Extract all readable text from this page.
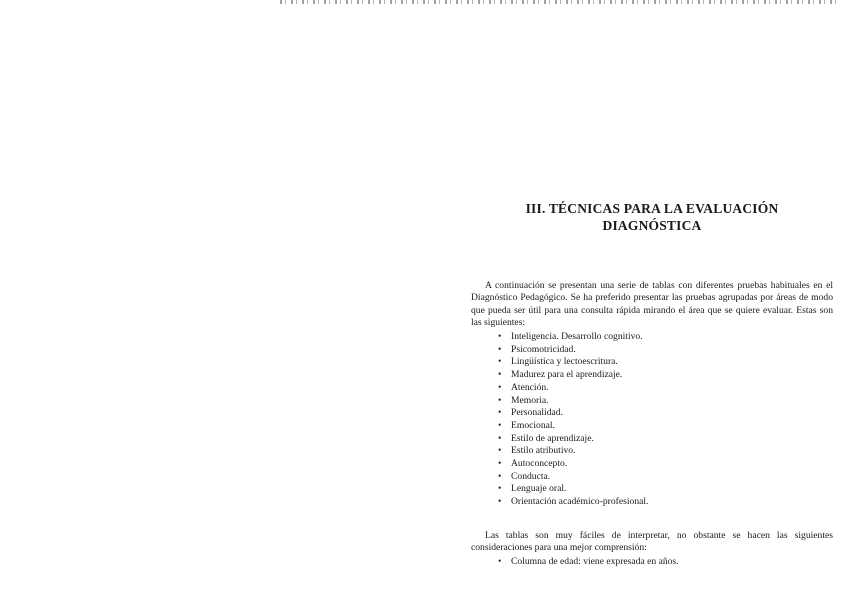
III. TÉCNICAS PARA LA EVALUACIÓN
DIAGNÓSTICA

A continuación se presentan una serie de tablas con diferentes pruebas habituales en el Diagnóstico Pedagógico. Se ha preferido presentar las pruebas agrupadas por áreas de modo que pueda ser útil para una consulta rápida mirando el área que se quiere evaluar. Estas son las siguientes:

• Inteligencia. Desarrollo cognitivo.
• Psicomotricidad.
• Lingüística y lectoescritura.
• Madurez para el aprendizaje.
• Atención.
• Memoria.
• Personalidad.
• Emocional.
• Estilo de aprendizaje.
• Estilo atributivo.
• Autoconcepto.
• Conducta.
• Lenguaje oral.
• Orientación académico-profesional.

Las tablas son muy fáciles de interpretar, no obstante se hacen las siguientes consideraciones para una mejor comprensión:

• Columna de edad: viene expresada en años.
